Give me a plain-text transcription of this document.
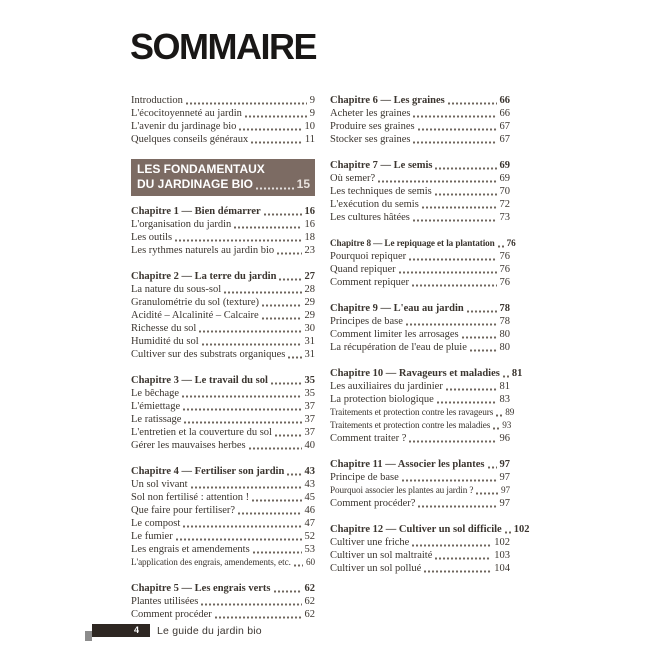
SOMMAIRE
Introduction	9
L'écocitoyenneté au jardin	9
L'avenir du jardinage bio	10
Quelques conseils généraux	11
LES FONDAMENTAUX
DU JARDINAGE BIO	15
Chapitre 1 — Bien démarrer	16
L'organisation du jardin	16
Les outils	18
Les rythmes naturels au jardin bio	23
Chapitre 2 — La terre du jardin	27
La nature du sous-sol	28
Granulométrie du sol (texture)	29
Acidité – Alcalinité – Calcaire	29
Richesse du sol	30
Humidité du sol	31
Cultiver sur des substrats organiques 31
Chapitre 3 — Le travail du sol	35
Le bêchage	35
L'émiettage	37
Le ratissage	37
L'entretien et la couverture du sol	37
Gérer les mauvaises herbes	40
Chapitre 4 — Fertiliser son jardin 43
Un sol vivant	43
Sol non fertilisé : attention !	45
Que faire pour fertiliser?	46
Le compost	47
Le fumier	52
Les engrais et amendements	53
L'application des engrais, amendements, etc. 60
Chapitre 5 — Les engrais verts	62
Plantes utilisées	62
Comment procéder	62
Chapitre 6 — Les graines	66
Acheter les graines	66
Produire ses graines	67
Stocker ses graines	67
Chapitre 7 — Le semis	69
Où semer?	69
Les techniques de semis	70
L'exécution du semis	72
Les cultures hâtées	73
Chapitre 8 — Le repiquage et la plantation 76
Pourquoi repiquer	76
Quand repiquer	76
Comment repiquer	76
Chapitre 9 — L'eau au jardin	78
Principes de base	78
Comment limiter les arrosages	80
La récupération de l'eau de pluie	80
Chapitre 10 — Ravageurs et maladies 81
Les auxiliaires du jardinier	81
La protection biologique	83
Traitements et protection contre les ravageurs 89
Traitements et protection contre les maladies 93
Comment traiter ?	96
Chapitre 11 — Associer les plantes 97
Principe de base	97
Pourquoi associer les plantes au jardin ?	97
Comment procéder?	97
Chapitre 12 — Cultiver un sol difficile 102
Cultiver une friche	102
Cultiver un sol maltraité	103
Cultiver un sol pollué	104
4	Le guide du jardin bio
